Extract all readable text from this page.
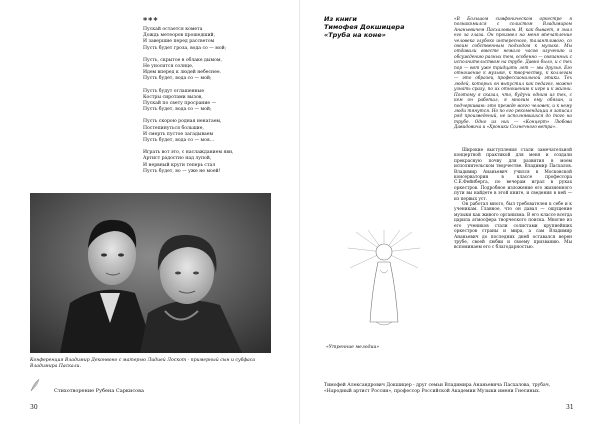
***
Пускай остается комета
Дождь метеоров прошедший,
И завершие перед рассветом
Пусть будет гроза, вода со — мой;
Пусть, скрытое в облаке дымом,
Не уносится солнце,
Идем вперед к людей небеснее.
Пусть будет, вода со — мой;
Пусть будут оглашенные
Костры сиротами вызов,
Пускай по свету просрание —
Пусть будет, вода со — мой;
Пусть скорою родная ненатаем,
Постепинуться большие,
И смерть пустое загадываем
Пусть будет, вода со — моя...
Играть вот это, с наслажданием явн,
Артист радостно над лупой,
И нервный круги теперь стал
Пусть будет, во — уже не моей!
Конференция Владимир Деконвоно с матерью Лидией Лоскот - примерный сын и субфаса Владимира Паскали.
Стихотворение Рубена Саркисова
30
Из книги
Тимофея Докшицера
«Труба на коне»
«В Большом симфоническом оркестре я познакомился с солистом Владимиром Ананьевичем Пасхаловым. И, как бывает, я знал его за глаза. Он произвел на меня впечатление человека глубоко интересного, талантливого, со своим собственным подходом к музыке. Мы отдавали вместе немало часов изучению и обсуждению разных тем, особенно — связанных с исполнительством на трубе. Давно было, и с тех пор — вот уже тридцать лет — мы друзья. Его отношение к музыке, к творчеству, к коллегам — это образец профессиональной этики. Тех людей, которых он выпустил как педагог, можно узнать сразу, по их отношению к игре и к жизни. Поэтому я сказал, что, будучи одним из тех, с кем он работал, я многим ему обязан, и подчеркиваю: это прежде всего человек, и к нему люди тянутся. Но по его рекомендации я записал ряд произведений, не исполнявшихся до того на трубе. Одно из них — «Концерт» Любова Давидовича и «Хроники Солнечного ветра».

Широкие выступления стали замечательной концертной практикой для меня и создали прекрасную почву для развития в моем исполнительском творчестве. Владимир Пасхалов. Владимир Ананьевич учился в Московской консерватории в классе профессора С.Е.Фейнберга, по вечерам играл в руках оркестров. Подробное изложение его жизненного пути вы найдете в этой книге, и сведения в ней — из первых уст.

Он работал много, был требователен к себе и к ученикам. Главное, что он давал — ощущение музыки как живого организма. В его классе всегда царила атмосфера творческого поиска. Многие из его учеников стали солистами крупнейших оркестров страны и мира, а сам Владимир Ананьевич до последних дней оставался верен трубе, своей любви и своему призванию. Мы вспоминаем его с благодарностью.

«Утренние мелодии»
Тимофей Александрович Докшицер - друг семьи Владимира Ананьевича Пасхалова, трубач, «Народный артист России», профессор Российской Академии Музыки имени Гнесиных.
31
